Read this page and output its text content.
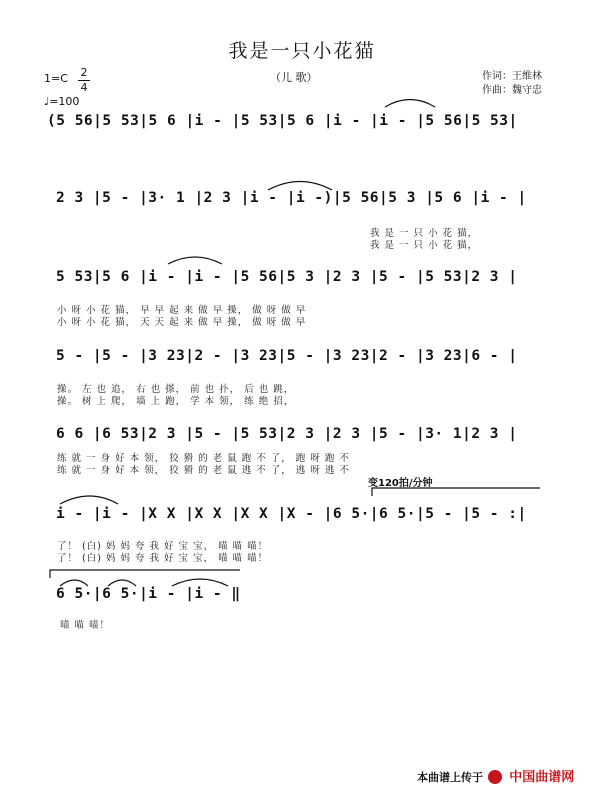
我是一只小花猫
（儿 歌）
1=C 2
4
♩=100
作词：王维林
作曲：魏守忠
(5 56|5 53|5 6 |i - |5 53|5 6 |i - |i - |5 56|5 53|
2 3 |5 - |3· 1 |2 3 |i - |i -)|5 56|5 3 |5 6 |i - |
我 是 一 只 小 花 猫，
我 是 一 只 小 花 猫，
5 53|5 6 |i - |i - |5 56|5 3 |2 3 |5 - |5 53|2 3 |
小 呀 小 花 猫， 早 早 起 来 做 早 操， 做 呀 做 早
小 呀 小 花 猫， 天 天 起 来 做 早 操， 做 呀 做 早
5 - |5 - |3 23|2 - |3 23|5 - |3 23|2 - |3 23|6 - |
操。 左 也 追， 右 也 搽， 前 也 扑， 后 也 跳，
操。 树 上 爬， 墙 上 跑， 学 本 领， 练 绝 招，
6 6 |6 53|2 3 |5 - |5 53|2 3 |2 3 |5 - |3· 1|2 3 |
练 就 一 身 好 本 领， 狡 猾 的 老 鼠 跑 不 了， 跑 呀 跑 不
练 就 一 身 好 本 领， 狡 猾 的 老 鼠 逃 不 了， 逃 呀 逃 不
变120拍/分钟
i - |i - |X X |X X |X X |X - |6 5·|6 5·|5 - |5 - :|
了！ (白) 妈 妈 夸 我 好 宝 宝， 喵 喵 喵！
了！ (白) 妈 妈 夸 我 好 宝 宝， 喵 喵 喵！
6 5·|6 5·|i - |i - ‖
喵 喵 喵！
本曲谱上传于 中国曲谱网
